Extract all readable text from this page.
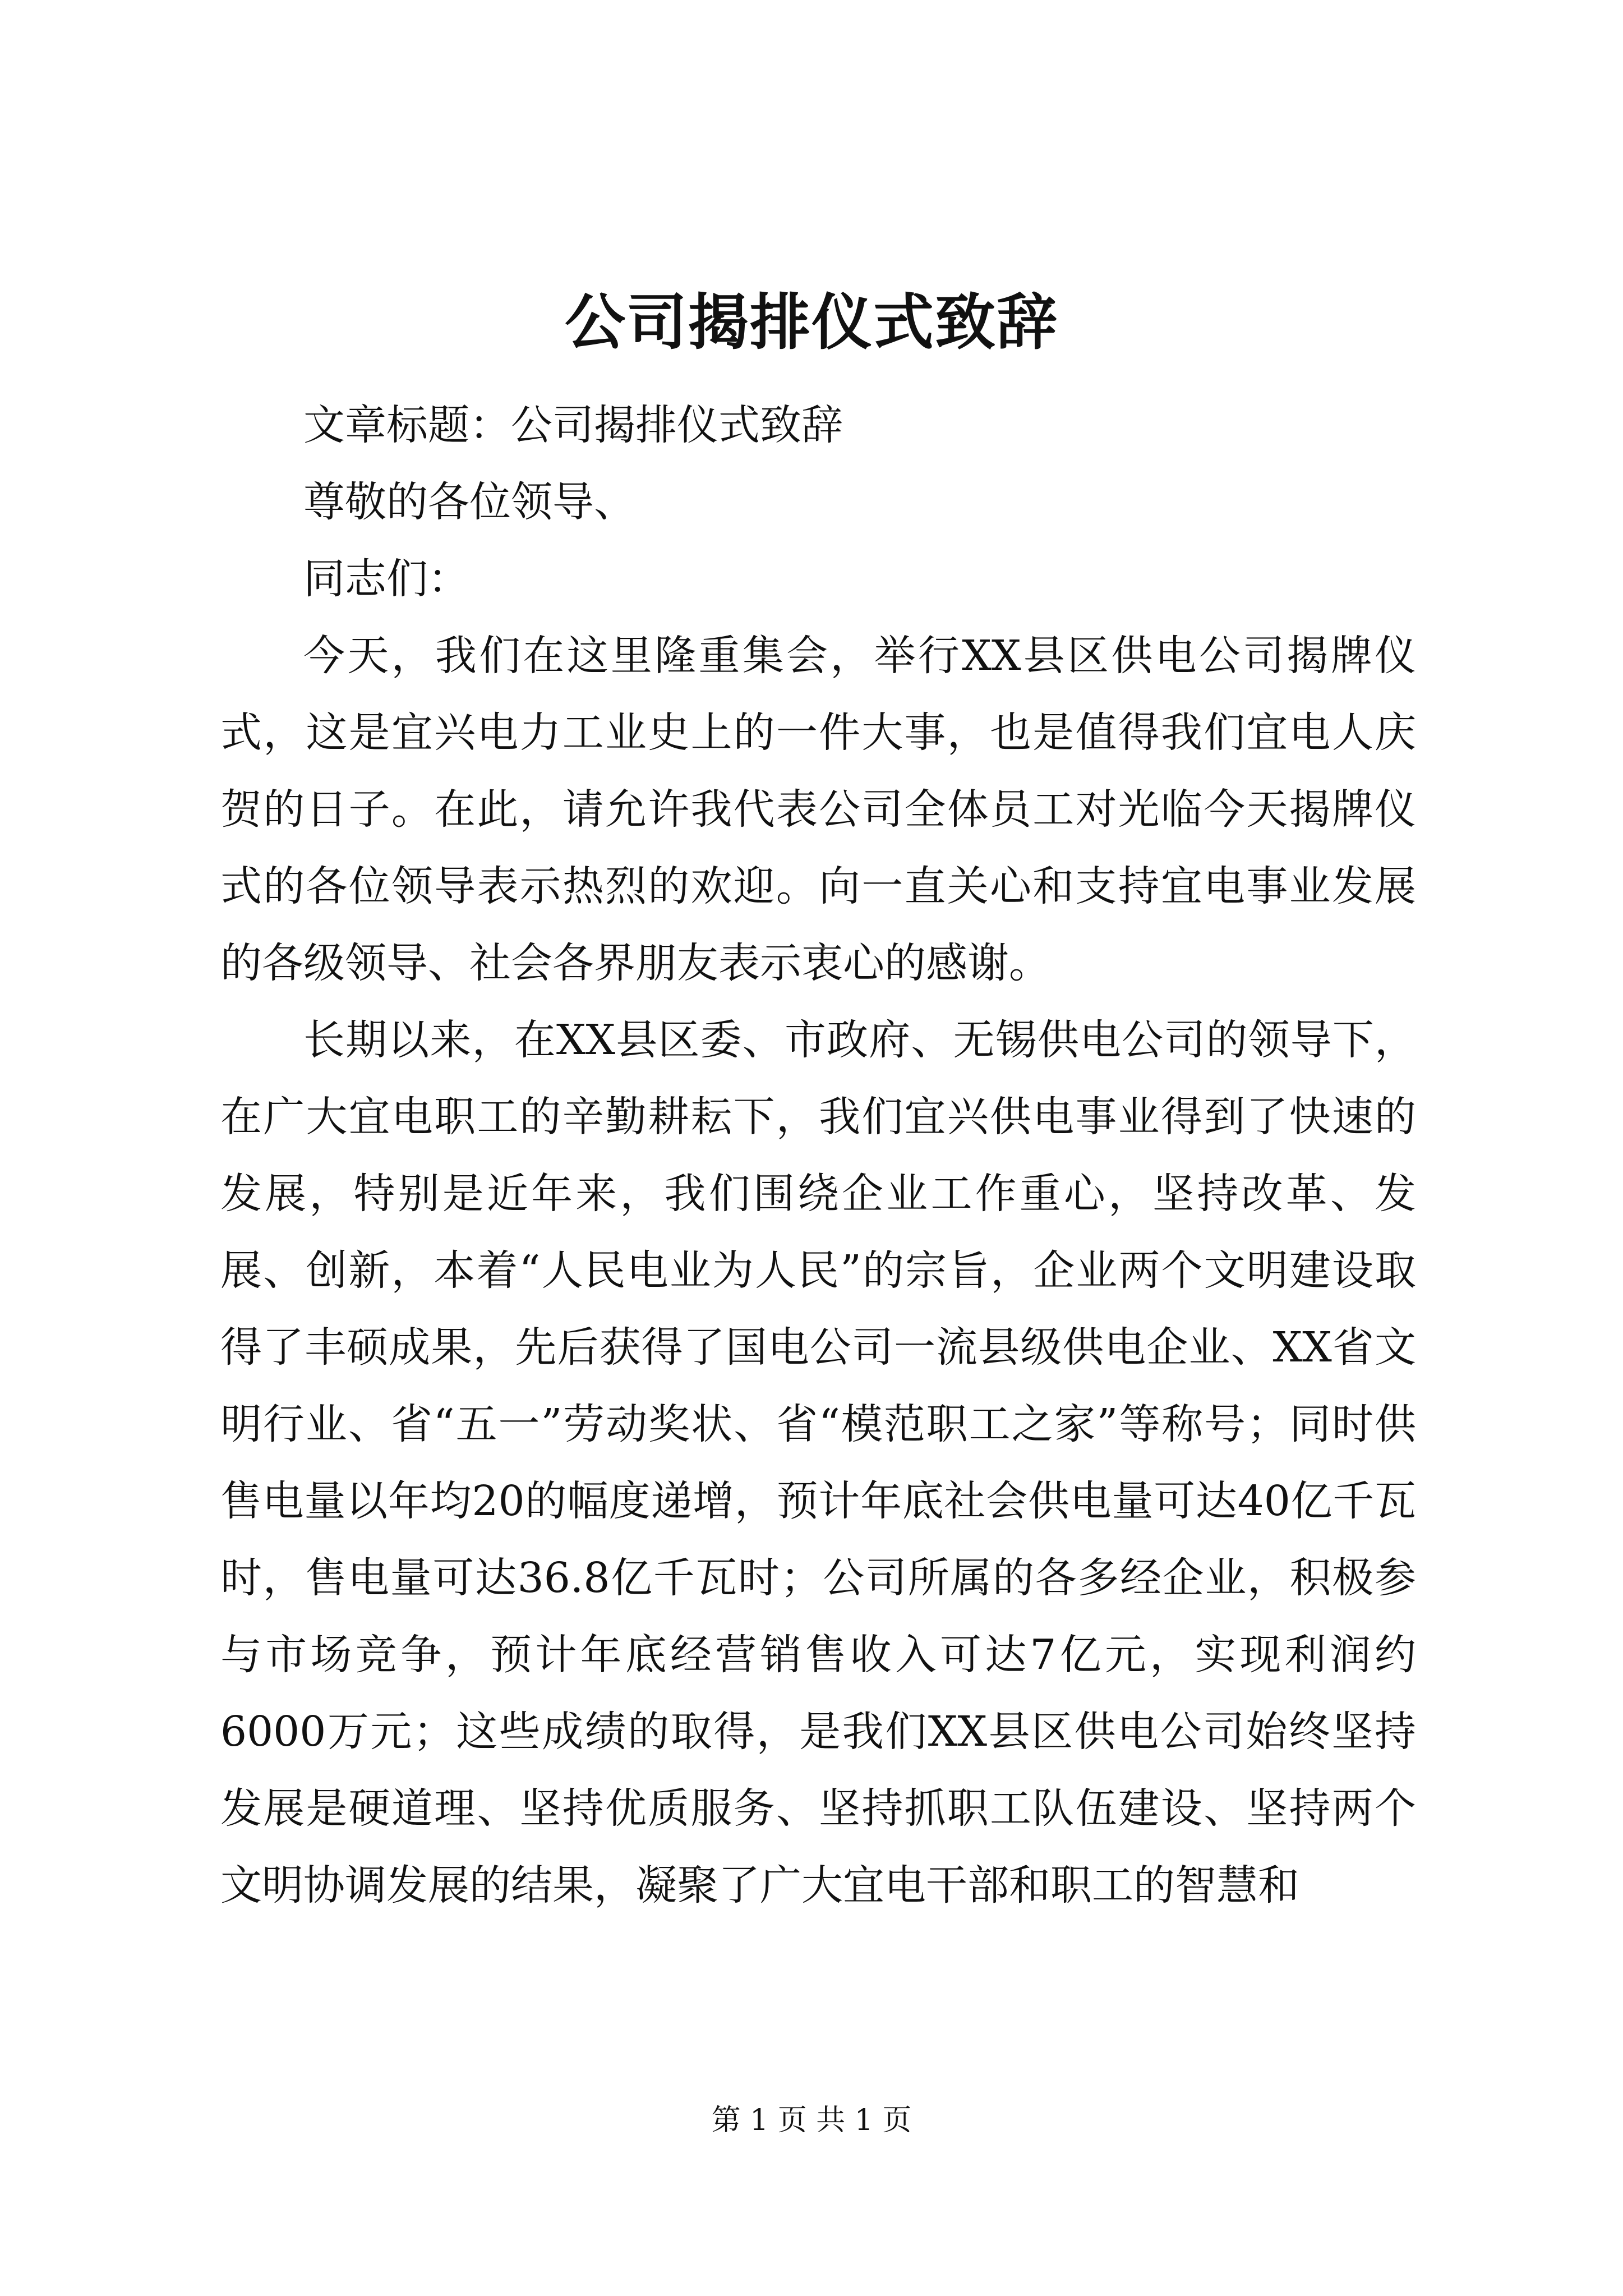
公司揭排仪式致辞

文章标题：公司揭排仪式致辞

尊敬的各位领导、

同志们：

今天，我们在这里隆重集会，举行XX县区供电公司揭牌仪式，这是宜兴电力工业史上的一件大事，也是值得我们宜电人庆贺的日子。在此，请允许我代表公司全体员工对光临今天揭牌仪式的各位领导表示热烈的欢迎。向一直关心和支持宜电事业发展的各级领导、社会各界朋友表示衷心的感谢。

长期以来，在XX县区委、市政府、无锡供电公司的领导下，在广大宜电职工的辛勤耕耘下，我们宜兴供电事业得到了快速的发展，特别是近年来，我们围绕企业工作重心，坚持改革、发展、创新，本着“人民电业为人民”的宗旨，企业两个文明建设取得了丰硕成果，先后获得了国电公司一流县级供电企业、XX省文明行业、省“五一”劳动奖状、省“模范职工之家”等称号；同时供售电量以年均20的幅度递增，预计年底社会供电量可达40亿千瓦时，售电量可达36.8亿千瓦时；公司所属的各多经企业，积极参与市场竞争，预计年底经营销售收入可达7亿元，实现利润约6000万元；这些成绩的取得，是我们XX县区供电公司始终坚持发展是硬道理、坚持优质服务、坚持抓职工队伍建设、坚持两个文明协调发展的结果，凝聚了广大宜电干部和职工的智慧和

第 1 页 共 1 页
